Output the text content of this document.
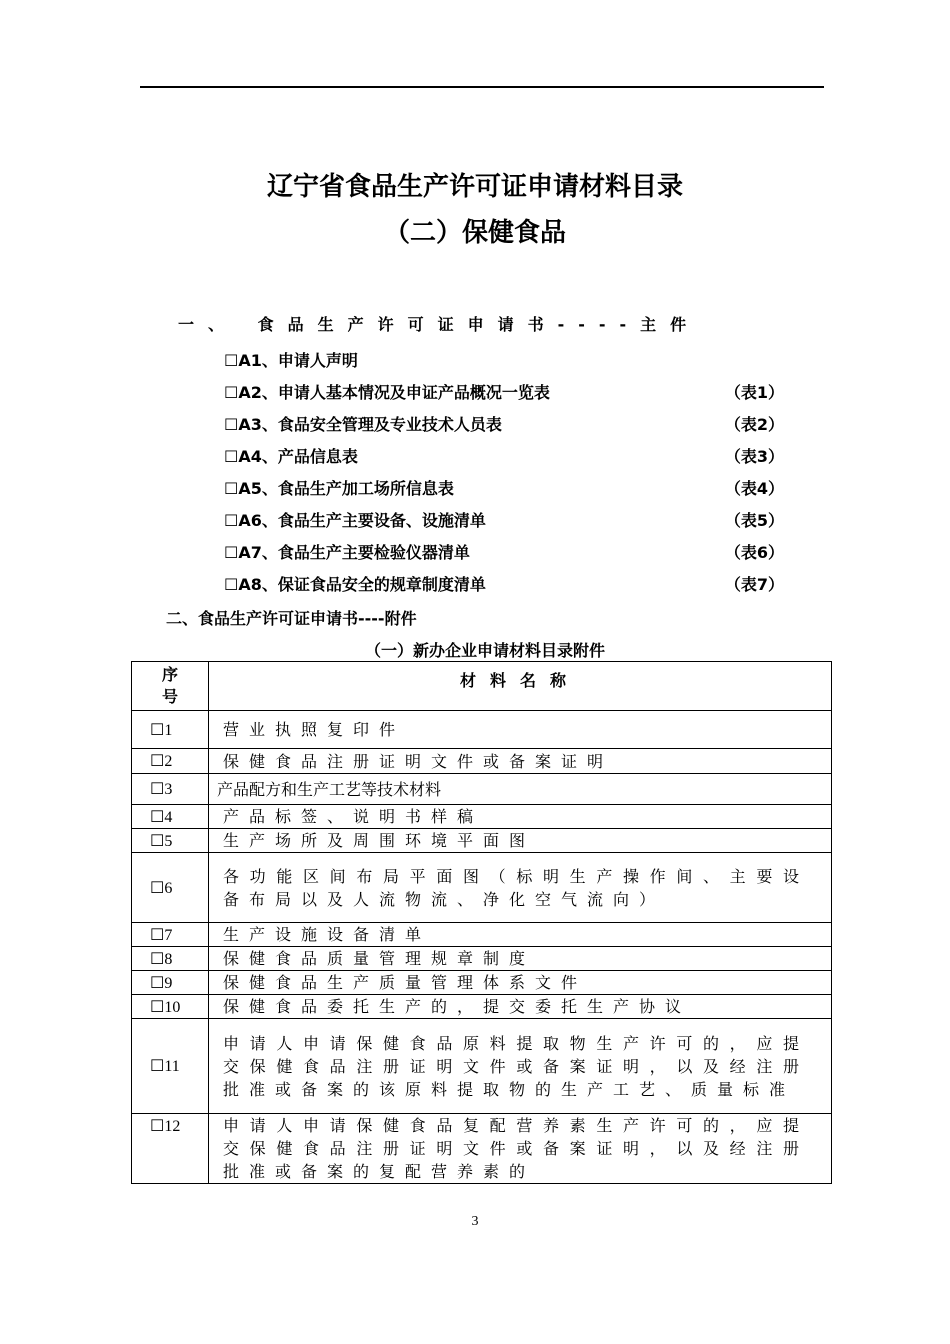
辽宁省食品生产许可证申请材料目录
（二）保健食品
一、 食品生产许可证申请书----主件
☐A1、申请人声明
☐A2、申请人基本情况及申证产品概况一览表	（表1）
☐A3、食品安全管理及专业技术人员表	（表2）
☐A4、产品信息表	（表3）
☐A5、食品生产加工场所信息表	（表4）
☐A6、食品生产主要设备、设施清单	（表5）
☐A7、食品生产主要检验仪器清单	（表6）
☐A8、保证食品安全的规章制度清单	（表7）
二、食品生产许可证申请书----附件
（一）新办企业申请材料目录附件
序
号	材料名称
☐1	营业执照复印件
☐2	保健食品注册证明文件或备案证明
☐3	产品配方和生产工艺等技术材料
☐4	产品标签、说明书样稿
☐5	生产场所及周围环境平面图
☐6	各功能区间布局平面图（标明生产操作间、主要设备布局以及人流物流、净化空气流向）
☐7	生产设施设备清单
☐8	保健食品质量管理规章制度
☐9	保健食品生产质量管理体系文件
☐10	保健食品委托生产的，提交委托生产协议
☐11	申请人申请保健食品原料提取物生产许可的，应提交保健食品注册证明文件或备案证明，以及经注册批准或备案的该原料提取物的生产工艺、质量标准
☐12	申请人申请保健食品复配营养素生产许可的，应提交保健食品注册证明文件或备案证明，以及经注册批准或备案的复配营养素的
3
